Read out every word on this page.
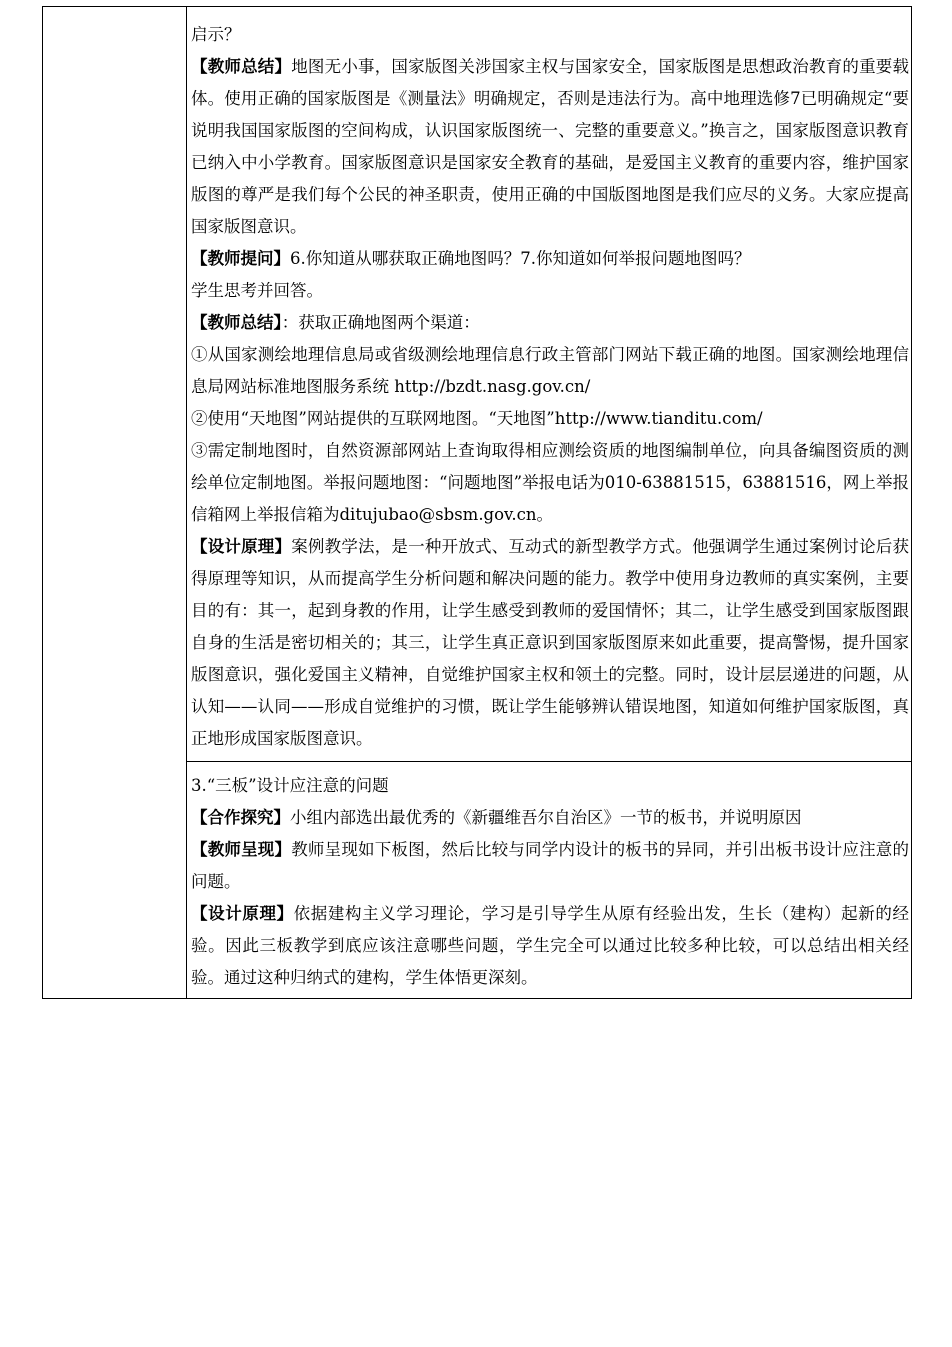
启示？

【教师总结】地图无小事，国家版图关涉国家主权与国家安全，国家版图是思想政治教育的重要载体。使用正确的国家版图是《测量法》明确规定，否则是违法行为。高中地理选修7已明确规定“要说明我国国家版图的空间构成，认识国家版图统一、完整的重要意义。”换言之，国家版图意识教育已纳入中小学教育。国家版图意识是国家安全教育的基础，是爱国主义教育的重要内容，维护国家版图的尊严是我们每个公民的神圣职责，使用正确的中国版图地图是我们应尽的义务。大家应提高国家版图意识。

【教师提问】6.你知道从哪获取正确地图吗？7.你知道如何举报问题地图吗？

学生思考并回答。

【教师总结】：获取正确地图两个渠道：

①从国家测绘地理信息局或省级测绘地理信息行政主管部门网站下载正确的地图。国家测绘地理信息局网站标准地图服务系统 http://bzdt.nasg.gov.cn/

②使用“天地图”网站提供的互联网地图。“天地图”http://www.tianditu.com/

③需定制地图时，自然资源部网站上查询取得相应测绘资质的地图编制单位，向具备编图资质的测绘单位定制地图。举报问题地图：“问题地图”举报电话为010-63881515，63881516，网上举报信箱网上举报信箱为ditujubao@sbsm.gov.cn。

【设计原理】案例教学法，是一种开放式、互动式的新型教学方式。他强调学生通过案例讨论后获得原理等知识，从而提高学生分析问题和解决问题的能力。教学中使用身边教师的真实案例，主要目的有：其一，起到身教的作用，让学生感受到教师的爱国情怀；其二，让学生感受到国家版图跟自身的生活是密切相关的；其三，让学生真正意识到国家版图原来如此重要，提高警惕，提升国家版图意识，强化爱国主义精神，自觉维护国家主权和领土的完整。同时，设计层层递进的问题，从认知——认同——形成自觉维护的习惯，既让学生能够辨认错误地图，知道如何维护国家版图，真正地形成国家版图意识。

3.“三板”设计应注意的问题

【合作探究】小组内部选出最优秀的《新疆维吾尔自治区》一节的板书，并说明原因

【教师呈现】教师呈现如下板图，然后比较与同学内设计的板书的异同，并引出板书设计应注意的问题。

【设计原理】依据建构主义学习理论，学习是引导学生从原有经验出发，生长（建构）起新的经验。因此三板教学到底应该注意哪些问题，学生完全可以通过比较多种比较，可以总结出相关经验。通过这种归纳式的建构，学生体悟更深刻。
